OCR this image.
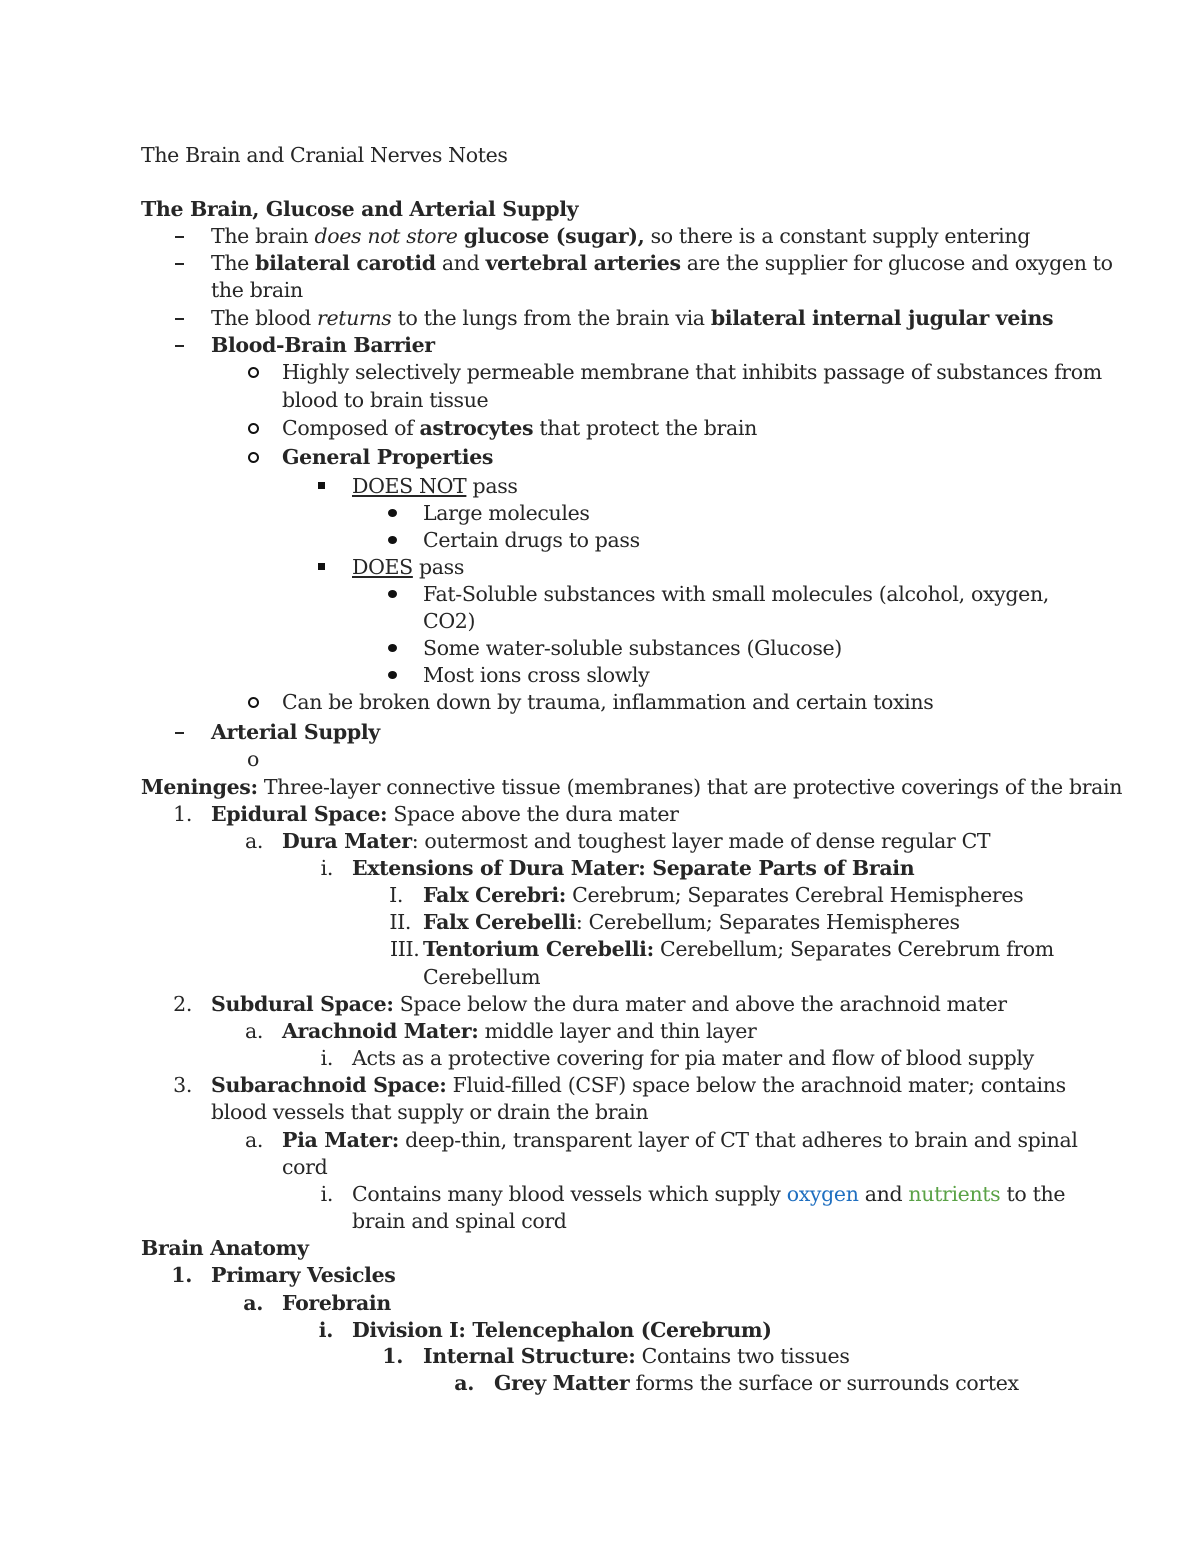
The Brain and Cranial Nerves Notes
The Brain, Glucose and Arterial Supply
The brain does not store glucose (sugar), so there is a constant supply entering
The bilateral carotid and vertebral arteries are the supplier for glucose and oxygen to
the brain
The blood returns to the lungs from the brain via bilateral internal jugular veins
Blood-Brain Barrier
Highly selectively permeable membrane that inhibits passage of substances from
blood to brain tissue
Composed of astrocytes that protect the brain
General Properties
DOES NOT pass
Large molecules
Certain drugs to pass
DOES pass
Fat-Soluble substances with small molecules (alcohol, oxygen,
CO2)
Some water-soluble substances (Glucose)
Most ions cross slowly
Can be broken down by trauma, inflammation and certain toxins
Arterial Supply
o
Meninges: Three-layer connective tissue (membranes) that are protective coverings of the brain
1. Epidural Space: Space above the dura mater
a. Dura Mater: outermost and toughest layer made of dense regular CT
i. Extensions of Dura Mater: Separate Parts of Brain
I. Falx Cerebri: Cerebrum; Separates Cerebral Hemispheres
II. Falx Cerebelli: Cerebellum; Separates Hemispheres
III. Tentorium Cerebelli: Cerebellum; Separates Cerebrum from
Cerebellum
2. Subdural Space: Space below the dura mater and above the arachnoid mater
a. Arachnoid Mater: middle layer and thin layer
i. Acts as a protective covering for pia mater and flow of blood supply
3. Subarachnoid Space: Fluid-filled (CSF) space below the arachnoid mater; contains
blood vessels that supply or drain the brain
a. Pia Mater: deep-thin, transparent layer of CT that adheres to brain and spinal
cord
i. Contains many blood vessels which supply oxygen and nutrients to the
brain and spinal cord
Brain Anatomy
1. Primary Vesicles
a. Forebrain
i. Division I: Telencephalon (Cerebrum)
1. Internal Structure: Contains two tissues
a. Grey Matter forms the surface or surrounds cortex
